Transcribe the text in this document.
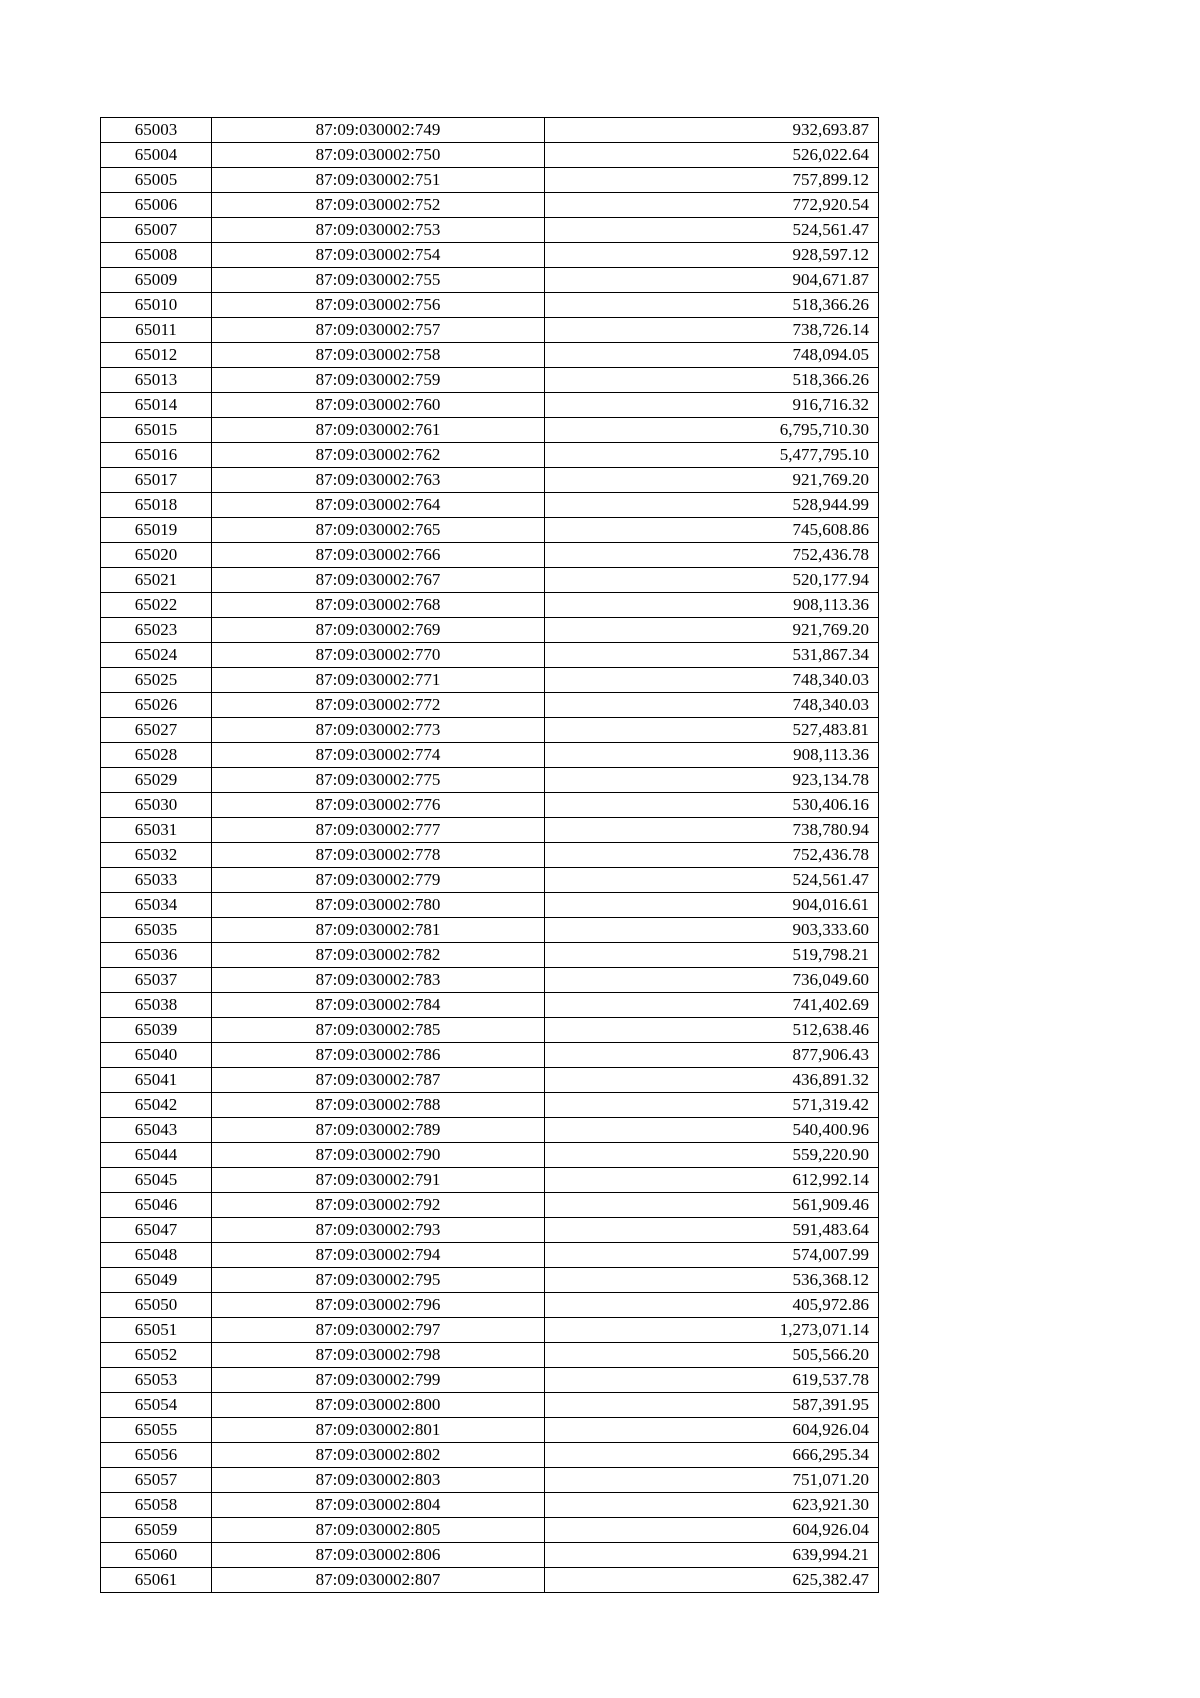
65003	87:09:030002:749	932,693.87
65004	87:09:030002:750	526,022.64
65005	87:09:030002:751	757,899.12
65006	87:09:030002:752	772,920.54
65007	87:09:030002:753	524,561.47
65008	87:09:030002:754	928,597.12
65009	87:09:030002:755	904,671.87
65010	87:09:030002:756	518,366.26
65011	87:09:030002:757	738,726.14
65012	87:09:030002:758	748,094.05
65013	87:09:030002:759	518,366.26
65014	87:09:030002:760	916,716.32
65015	87:09:030002:761	6,795,710.30
65016	87:09:030002:762	5,477,795.10
65017	87:09:030002:763	921,769.20
65018	87:09:030002:764	528,944.99
65019	87:09:030002:765	745,608.86
65020	87:09:030002:766	752,436.78
65021	87:09:030002:767	520,177.94
65022	87:09:030002:768	908,113.36
65023	87:09:030002:769	921,769.20
65024	87:09:030002:770	531,867.34
65025	87:09:030002:771	748,340.03
65026	87:09:030002:772	748,340.03
65027	87:09:030002:773	527,483.81
65028	87:09:030002:774	908,113.36
65029	87:09:030002:775	923,134.78
65030	87:09:030002:776	530,406.16
65031	87:09:030002:777	738,780.94
65032	87:09:030002:778	752,436.78
65033	87:09:030002:779	524,561.47
65034	87:09:030002:780	904,016.61
65035	87:09:030002:781	903,333.60
65036	87:09:030002:782	519,798.21
65037	87:09:030002:783	736,049.60
65038	87:09:030002:784	741,402.69
65039	87:09:030002:785	512,638.46
65040	87:09:030002:786	877,906.43
65041	87:09:030002:787	436,891.32
65042	87:09:030002:788	571,319.42
65043	87:09:030002:789	540,400.96
65044	87:09:030002:790	559,220.90
65045	87:09:030002:791	612,992.14
65046	87:09:030002:792	561,909.46
65047	87:09:030002:793	591,483.64
65048	87:09:030002:794	574,007.99
65049	87:09:030002:795	536,368.12
65050	87:09:030002:796	405,972.86
65051	87:09:030002:797	1,273,071.14
65052	87:09:030002:798	505,566.20
65053	87:09:030002:799	619,537.78
65054	87:09:030002:800	587,391.95
65055	87:09:030002:801	604,926.04
65056	87:09:030002:802	666,295.34
65057	87:09:030002:803	751,071.20
65058	87:09:030002:804	623,921.30
65059	87:09:030002:805	604,926.04
65060	87:09:030002:806	639,994.21
65061	87:09:030002:807	625,382.47
